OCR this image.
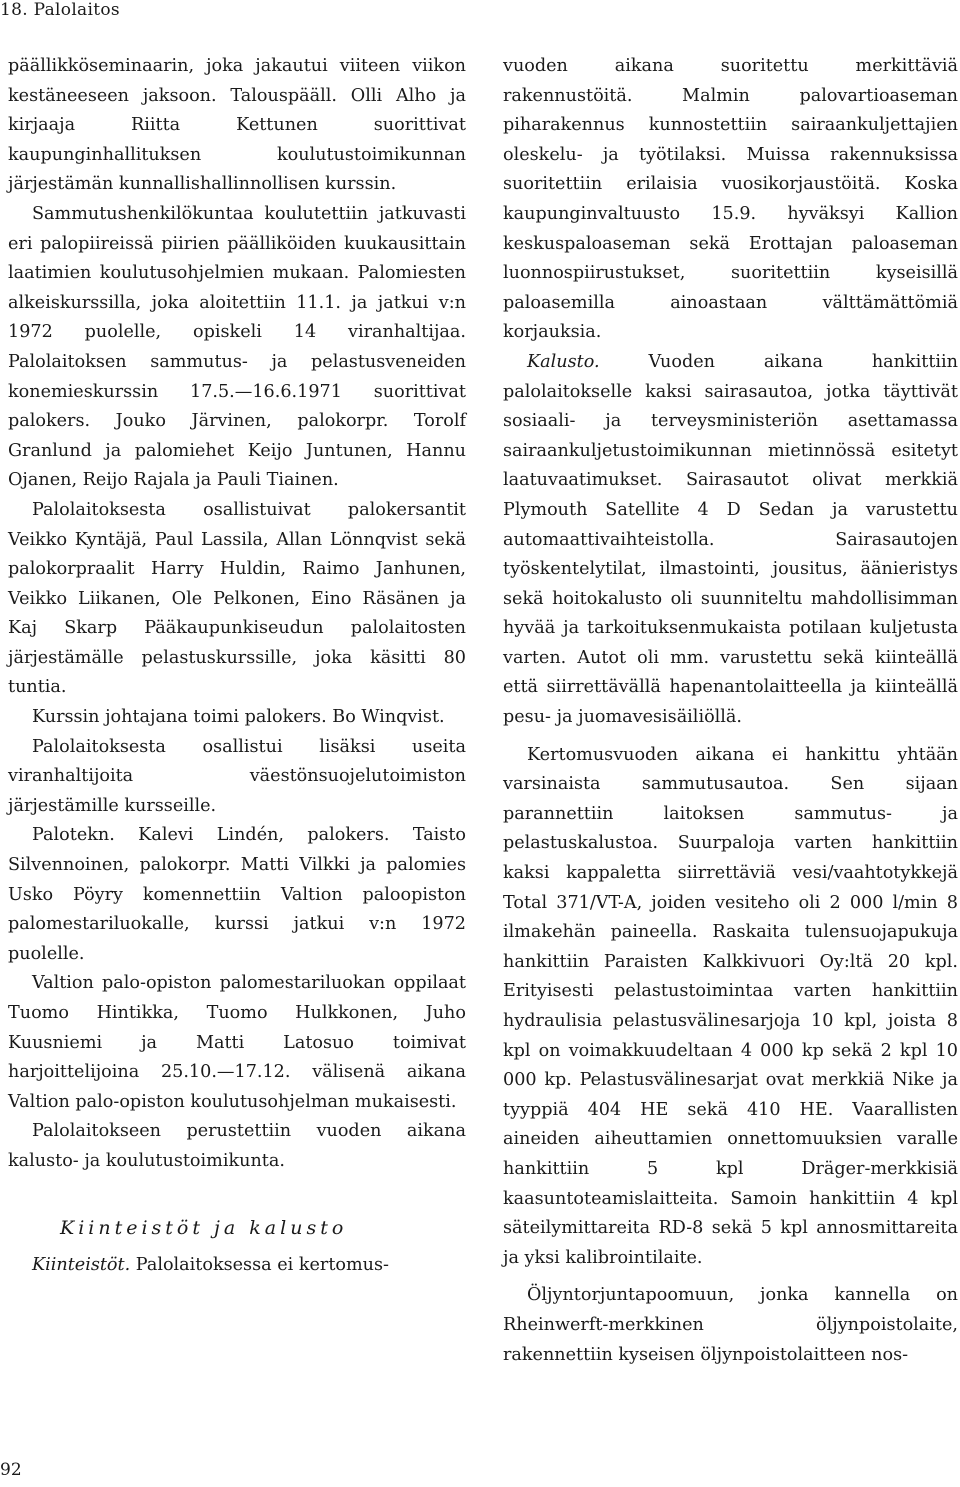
18. Palolaitos

päällikköseminaarin, joka jakautui viiteen viikon kestäneeseen jaksoon. Talouspääll. Olli Alho ja kirjaaja Riitta Kettunen suorittivat kaupunginhallituksen koulutustoimikunnan järjestämän kunnallishallinnollisen kurssin.

Sammutushenkilökuntaa koulutettiin jatkuvasti eri palopiireissä piirien päälliköiden kuukausittain laatimien koulutusohjelmien mukaan. Palomiesten alkeiskurssilla, joka aloitettiin 11.1. ja jatkui v:n 1972 puolelle, opiskeli 14 viranhaltijaa. Palolaitoksen sammutus- ja pelastusveneiden konemieskurssin 17.5.—16.6.1971 suorittivat palokers. Jouko Järvinen, palokorpr. Torolf Granlund ja palomiehet Keijo Juntunen, Hannu Ojanen, Reijo Rajala ja Pauli Tiainen.

Palolaitoksesta osallistuivat palokersantit Veikko Kyntäjä, Paul Lassila, Allan Lönnqvist sekä palokorpraalit Harry Huldin, Raimo Janhunen, Veikko Liikanen, Ole Pelkonen, Eino Räsänen ja Kaj Skarp Pääkaupunkiseudun palolaitosten järjestämälle pelastuskurssille, joka käsitti 80 tuntia.

Kurssin johtajana toimi palokers. Bo Winqvist.

Palolaitoksesta osallistui lisäksi useita viranhaltijoita väestönsuojelutoimiston järjestämille kursseille.

Palotekn. Kalevi Lindén, palokers. Taisto Silvennoinen, palokorpr. Matti Vilkki ja palomies Usko Pöyry komennettiin Valtion paloopiston palomestariluokalle, kurssi jatkui v:n 1972 puolelle.

Valtion palo-opiston palomestariluokan oppilaat Tuomo Hintikka, Tuomo Hulkkonen, Juho Kuusniemi ja Matti Latosuo toimivat harjoittelijoina 25.10.—17.12. välisenä aikana Valtion palo-opiston koulutusohjelman mukaisesti.

Palolaitokseen perustettiin vuoden aikana kalusto- ja koulutustoimikunta.

Kiinteistöt ja kalusto

Kiinteistöt. Palolaitoksessa ei kertomus-

vuoden aikana suoritettu merkittäviä rakennustöitä. Malmin palovartioaseman piharakennus kunnostettiin sairaankuljettajien oleskelu- ja työtilaksi. Muissa rakennuksissa suoritettiin erilaisia vuosikorjaustöitä. Koska kaupunginvaltuusto 15.9. hyväksyi Kallion keskuspaloaseman sekä Erottajan paloaseman luonnospiirustukset, suoritettiin kyseisillä paloasemilla ainoastaan välttämättömiä korjauksia.

Kalusto. Vuoden aikana hankittiin palolaitokselle kaksi sairasautoa, jotka täyttivät sosiaali- ja terveysministeriön asettamassa sairaankuljetustoimikunnan mietinnössä esitetyt laatuvaatimukset. Sairasautot olivat merkkiä Plymouth Satellite 4 D Sedan ja varustettu automaattivaihteistolla. Sairasautojen työskentelytilat, ilmastointi, jousitus, äänieristys sekä hoitokalusto oli suunniteltu mahdollisimman hyvää ja tarkoituksenmukaista potilaan kuljetusta varten. Autot oli mm. varustettu sekä kiinteällä että siirrettävällä hapenantolaitteella ja kiinteällä pesu- ja juomavesisäiliöllä.

Kertomusvuoden aikana ei hankittu yhtään varsinaista sammutusautoa. Sen sijaan parannettiin laitoksen sammutus- ja pelastuskalustoa. Suurpaloja varten hankittiin kaksi kappaletta siirrettäviä vesi/vaahtotykkejä Total 371/VT-A, joiden vesiteho oli 2 000 l/min 8 ilmakehän paineella. Raskaita tulensuojapukuja hankittiin Paraisten Kalkkivuori Oy:ltä 20 kpl. Erityisesti pelastustoimintaa varten hankittiin hydraulisia pelastusvälinesarjoja 10 kpl, joista 8 kpl on voimakkuudeltaan 4 000 kp sekä 2 kpl 10 000 kp. Pelastusvälinesarjat ovat merkkiä Nike ja tyyppiä 404 HE sekä 410 HE. Vaarallisten aineiden aiheuttamien onnettomuuksien varalle hankittiin 5 kpl Dräger-merkkisiä kaasuntoteamislaitteita. Samoin hankittiin 4 kpl säteilymittareita RD-8 sekä 5 kpl annosmittareita ja yksi kalibrointilaite.

Öljyntorjuntapoomuun, jonka kannella on Rheinwerft-merkkinen öljynpoistolaite, rakennettiin kyseisen öljynpoistolaitteen nos-

92
